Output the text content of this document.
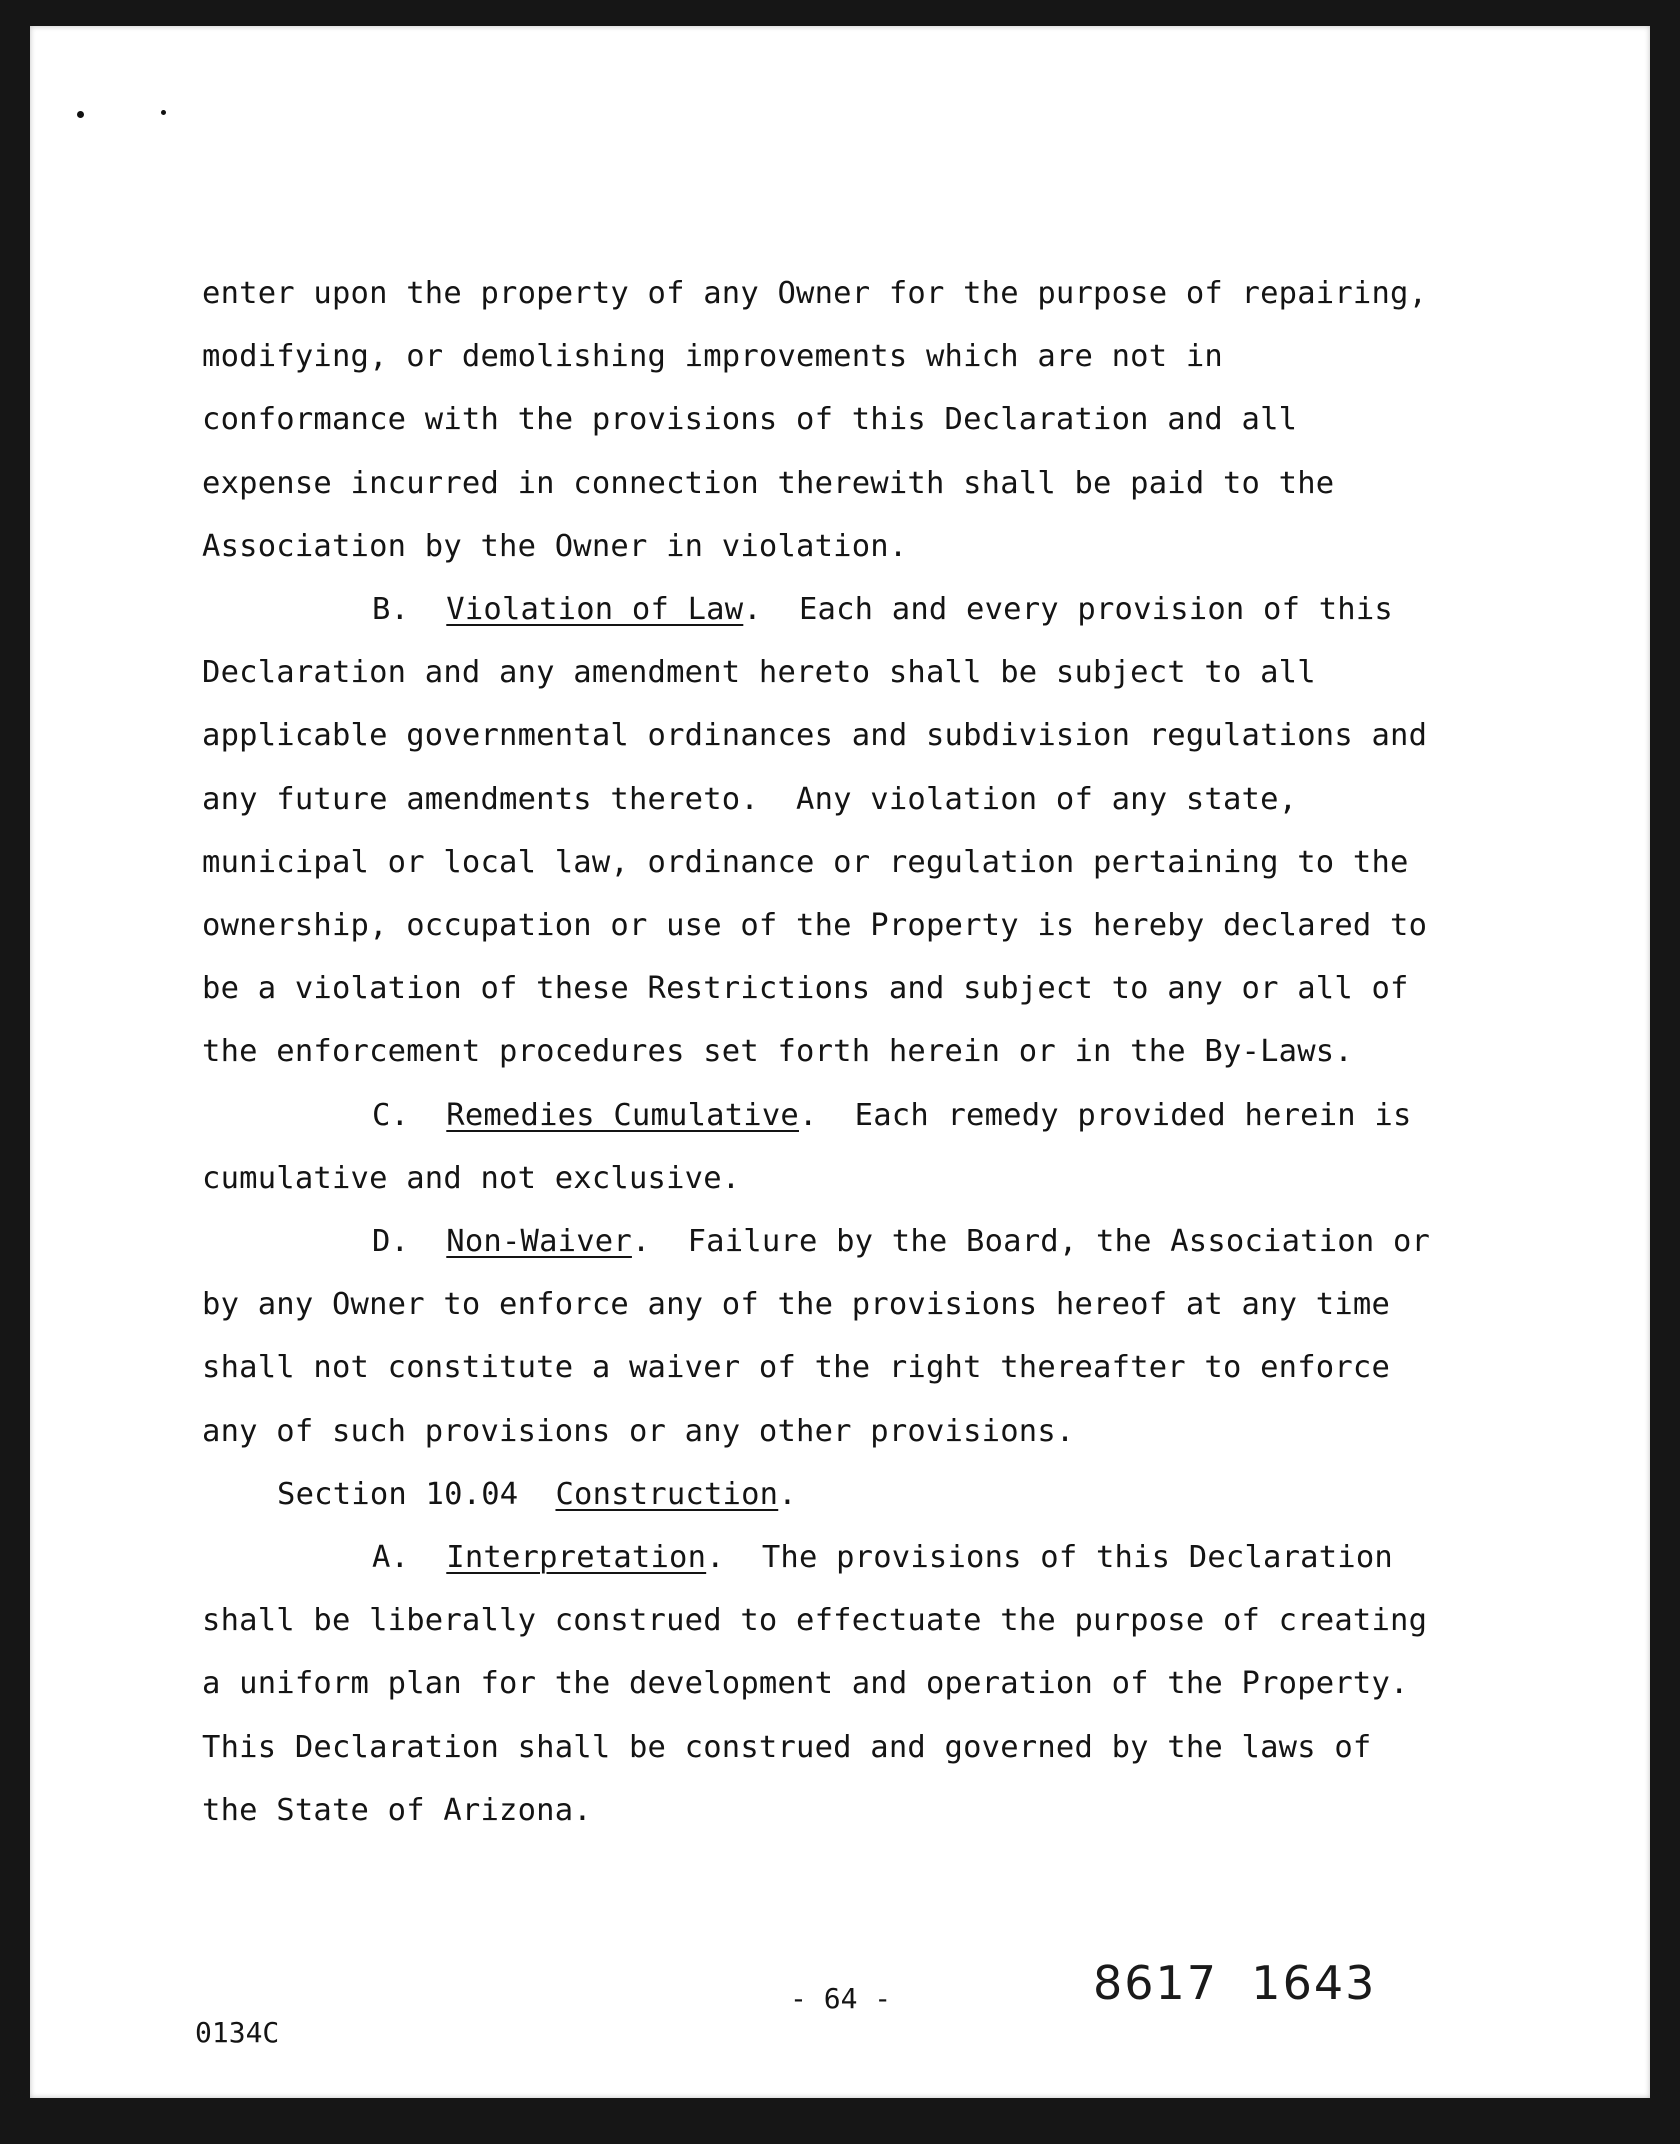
enter upon the property of any Owner for the purpose of repairing,
modifying, or demolishing improvements which are not in
conformance with the provisions of this Declaration and all
expense incurred in connection therewith shall be paid to the
Association by the Owner in violation.
B. Violation of Law.  Each and every provision of this
Declaration and any amendment hereto shall be subject to all
applicable governmental ordinances and subdivision regulations and
any future amendments thereto.  Any violation of any state,
municipal or local law, ordinance or regulation pertaining to the
ownership, occupation or use of the Property is hereby declared to
be a violation of these Restrictions and subject to any or all of
the enforcement procedures set forth herein or in the By-Laws.
C. Remedies Cumulative.  Each remedy provided herein is
cumulative and not exclusive.
D. Non-Waiver.  Failure by the Board, the Association or
by any Owner to enforce any of the provisions hereof at any time
shall not constitute a waiver of the right thereafter to enforce
any of such provisions or any other provisions.
Section 10.04 Construction.
A. Interpretation.  The provisions of this Declaration
shall be liberally construed to effectuate the purpose of creating
a uniform plan for the development and operation of the Property.
This Declaration shall be construed and governed by the laws of
the State of Arizona.
0134C
- 64 -	8617  1643
